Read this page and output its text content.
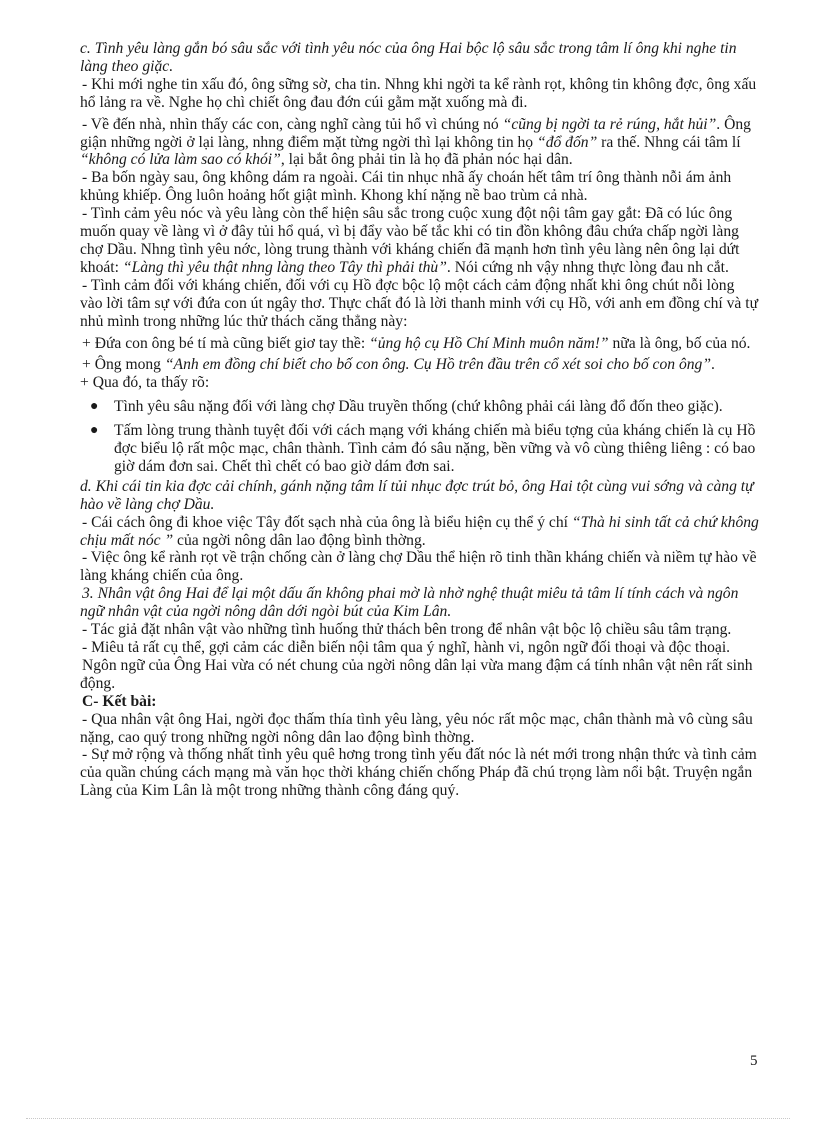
c. Tình yêu làng gắn bó sâu sắc với tình yêu nóc của ông Hai bộc lộ sâu sắc trong tâm lí ông khi nghe tin làng theo giặc.

- Khi mới nghe tin xấu đó, ông sững sờ, cha tin. Nhng khi ngời ta kể rành rọt, không tin không đợc, ông xấu hổ lảng ra về. Nghe họ chì chiết ông đau đớn cúi gằm mặt xuống mà đi.

- Về đến nhà, nhìn thấy các con, càng nghĩ càng tủi hổ vì chúng nó “cũng bị ngời ta rẻ rúng, hắt hủi”. Ông giận những ngời ở lại làng, nhng điểm mặt từng ngời thì lại không tin họ “đổ đốn” ra thế. Nhng cái tâm lí “không có lửa làm sao có khói”, lại bắt ông phải tin là họ đã phản nóc hại dân.

- Ba bốn ngày sau, ông không dám ra ngoài. Cái tin nhục nhã ấy choán hết tâm trí ông thành nỗi ám ảnh khủng khiếp. Ông luôn hoảng hốt giật mình. Khong khí nặng nề bao trùm cả nhà.

- Tình cảm yêu nóc và yêu làng còn thể hiện sâu sắc trong cuộc xung đột nội tâm gay gắt: Đã có lúc ông muốn quay về làng vì ở đây tủi hổ quá, vì bị đẩy vào bế tắc khi có tin đồn không đâu chứa chấp ngời làng chợ Dầu. Nhng tình yêu nớc, lòng trung thành với kháng chiến đã mạnh hơn tình yêu làng nên ông lại dứt khoát: “Làng thì yêu thật nhng làng theo Tây thì phải thù”. Nói cứng nh vậy nhng thực lòng đau nh cắt.

- Tình cảm đối với kháng chiến, đối với cụ Hồ đợc bộc lộ một cách cảm động nhất khi ông chút nỗi lòng vào lời tâm sự với đứa con út ngây thơ. Thực chất đó là lời thanh minh với cụ Hồ, với anh em đồng chí và tự nhủ mình trong những lúc thử thách căng thẳng này:

+ Đứa con ông bé tí mà cũng biết giơ tay thề: “ủng hộ cụ Hồ Chí Minh muôn năm!” nữa là ông, bố của nó.

+ Ông mong “Anh em đồng chí biết cho bố con ông. Cụ Hồ trên đầu trên cổ xét soi cho bố con ông”.

+ Qua đó, ta thấy rõ:

● Tình yêu sâu nặng đối với làng chợ Dầu truyền thống (chứ không phải cái làng đổ đốn theo giặc).
● Tấm lòng trung thành tuyệt đối với cách mạng với kháng chiến mà biểu tợng của kháng chiến là cụ Hồ đợc biểu lộ rất mộc mạc, chân thành. Tình cảm đó sâu nặng, bền vững và vô cùng thiêng liêng : có bao giờ dám đơn sai. Chết thì chết có bao giờ dám đơn sai.

d. Khi cái tin kia đợc cải chính, gánh nặng tâm lí tủi nhục đợc trút bỏ, ông Hai tột cùng vui sớng và càng tự hào về làng chợ Dầu.

- Cái cách ông đi khoe việc Tây đốt sạch nhà của ông là biểu hiện cụ thể ý chí “Thà hi sinh tất cả chứ không chịu mất nóc ” của ngời nông dân lao động bình thờng.

- Việc ông kể rành rọt về trận chống càn ở làng chợ Dầu thể hiện rõ tinh thần kháng chiến và niềm tự hào về làng kháng chiến của ông.

3. Nhân vật ông Hai để lại một dấu ấn không phai mờ là nhờ nghệ thuật miêu tả tâm lí tính cách và ngôn ngữ nhân vật của ngời nông dân dới ngòi bút của Kim Lân.

- Tác giả đặt nhân vật vào những tình huống thử thách bên trong để nhân vật bộc lộ chiều sâu tâm trạng.

- Miêu tả rất cụ thể, gợi cảm các diễn biến nội tâm qua ý nghĩ, hành vi, ngôn ngữ đối thoại và độc thoại.

Ngôn ngữ của Ông Hai vừa có nét chung của ngời nông dân lại vừa mang đậm cá tính nhân vật nên rất sinh động.

C- Kết bài:

- Qua nhân vật ông Hai, ngời đọc thấm thía tình yêu làng, yêu nóc rất mộc mạc, chân thành mà vô cùng sâu nặng, cao quý trong những ngời nông dân lao động bình thờng.

- Sự mở rộng và thống nhất tình yêu quê hơng trong tình yếu đất nóc là nét mới trong nhận thức và tình cảm của quần chúng cách mạng mà văn học thời kháng chiến chống Pháp đã chú trọng làm nổi bật. Truyện ngắn Làng của Kim Lân là một trong những thành công đáng quý.

5
